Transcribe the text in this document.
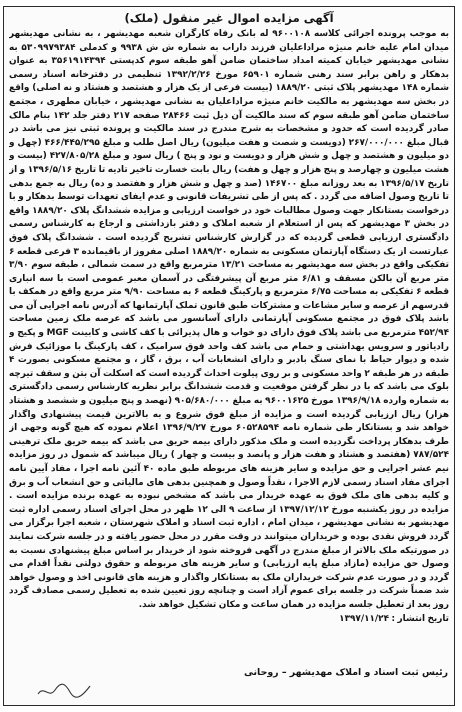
آگهی مزایده اموال غیر منقول (ملک)

به موجب پرونده اجرائی کلاسه ۹۶۰۰۱۰۸ له بانک رفاه کارگران شعبه مهدیشهر ، به نشانی مهدیشهر میدان امام علیه خانم منیژه مراداعلیان فرزند داراب به شماره ش ش ۹۹۳۸ و کدملی ۵۳۰۹۹۷۹۳۸۴ به نشانی مهدیشهر خیابان کمیته امداد ساختمان ضامن آهو طبقه سوم کدپستی ۳۵۶۱۹۱۴۳۹۴ به عنوان بدهکار و راهن برابر سند رهنی شماره ۶۵۹۰۱ مورخ ۱۳۹۲/۲/۲۶ تنظیمی در دفترخانه اسناد رسمی شماره ۱۴۸ مهدیشهر پلاک ثبتی ۱۸۸۹/۲۰ (بیست فرعی از یک هزار و هشتصد و هشتاد و نه اصلی) واقع در بخش سه مهدیشهر به مالکیت خانم منیژه مراداعلیان به نشانی مهدیشهر ، خیابان مطهری ، مجتمع ساختمان ضامن آهو طبقه سوم که سند مالکیت آن ذیل ثبت ۲۸۴۶۶ صفحه ۲۱۷ دفتر جلد ۱۴۲ بنام مالک صادر گردیده است که حدود و مشخصات به شرح مندرج در سند مالکیت و پرونده ثبتی نیز می باشد در قبال مبلغ ۲۶۷/۰۰۰/۰۰۰ (دویست و شصت و هفت میلیون) ریال اصل طلب و مبلغ ۴۶۶/۴۴۵/۲۹۵ (چهل و دو میلیون و هشتصد و چهل و شش هزار و دویست و نود و پنج ) ریال سود و مبلغ ۴۲۷/۸۰۵/۲۸ (بیست و هشت میلیون و چهارصد و پنج هزار و چهل و هفت) ریال بابت خسارت تاخیر تادیه تا تاریخ ۱۳۹۶/۵/۱۶ و از تاریخ ۱۳۹۶/۵/۱۷ به بعد روزانه مبلغ ۱۴۶۷۰۰ (صد و چهل و شش هزار و هفتصد و ده) ریال به جمع بدهی تا تاریخ وصول اضافه می گردد . که پس از طی تشریفات قانونی و عدم ایفای تعهدات توسط بدهکار و با درخواست بستانکار جهت وصول مطالبات خود در خواست ارزیابی و مزایده ششدانگ پلاک ۱۸۸۹/۲۰ واقع در بخش ۳ مهدیشهر که پس از استعلام از شعبه املاک و دفتر بازداشتی و ارجاع به کارشناس رسمی دادگستری ارزیابی قطعی گردیده که در گزارش کارشناس تشریح گردیده است . ششدانگ پلاک فوق عبارتست از یک دستگاه آپارتمان مسکونی به شماره ۱۸۸۹/۲۰ اصلی مفروز از باقیمانده ۳ فرعی قطعه ۶ تفکیکی واقع در بخش سه مهدیشهر به مساحت ۱۳/۲۱ مترمربع واقع در سمت شمالی ، طبقه سوم ۳/۹۰ متر مربع آن بالکن مسقف و ۶/۸۱ متر مربع آن پیشرفتگی در آسمان معبر عمومی است با سه انباری قطعه ۶ تفکیکی به مساحت ۶/۷۵ مترمربع و پارکینگ قطعه ۶ به مساحت ۹/۹۰ متر مربع واقع در همکف با قدرسهم از عرصه و سایر مشاعات و مشترکات طبق قانون تملک آپارتمانها که آدرس نامه اجرایی آن می باشد پلاک فوق در مجتمع مسکونی آپارتمانی دارای آسانسور می باشد که عرصه ملک زمین مساحت ۴۵۲/۹۴ مترمربع می باشد پلاک فوق دارای دو خواب و هال پذیرائی با کف کاشی و کابینت MGF و پکیج و رادیاتور و سرویس بهداشتی و حمام می باشد کف واحد فوق سرامیک ، کف پارکینگ با موزائیک فرش شده و دیوار حیاط با نمای سنگ بادبر و دارای انشعابات آب ، برق ، گاز ، و مجتمع مسکونی بصورت ۴ طبقه در هر طبقه ۲ واحد مسکونی و بر روی پیلوت احداث گردیده است که اسکلت آن بتن و سقف تیرچه بلوک می باشد که با در نظر گرفتن موقعیت و قدمت ششدانگ برابر نظریه کارشناس رسمی دادگستری به شماره وارده ۱۳۹۶/۹/۱۸ مورخ ۹۶۰۰۱۶۲۵ به مبلغ ۹۰۵/۶۸۰/۰۰۰ (نهصد و پنج میلیون و ششصد و هشتاد هزار) ریال ارزیابی گردیده است و مزایده از مبلغ فوق شروع و به بالاترین قیمت پیشنهادی واگذار خواهد شد و بستانکار طی شماره نامه ۶۰۵۲۸۵۹۴ مورخ ۱۳۹۶/۹/۲۷ اعلام نموده که هیچ گونه وجهی از طرف بدهکار پرداخت نگردیده است و ملک مذکور دارای بیمه حریق می باشد که بیمه حریق ملک ترهینی ۷۸۷/۵۲۴ (هفتصد و هشتاد و هفت هزار و پانصد و بیست و چهار ) ریال میباشد که شمول در روز مزایده نیم عشر اجرایی و حق مزایده و سایر هزینه های مربوطه طبق ماده ۴۰ آئین نامه اجرا ، مفاد آیین نامه اجرای مفاد اسناد رسمی لازم الاجرا ، نقداً وصول و همچنین بدهی های مالیاتی و حق انشعاب آب و برق و کلیه بدهی های ملک فوق به عهده خریدار می باشد که مشخص نبوده به عهده برنده مزایده است . مزایده در روز یکشنبه مورخ ۱۳۹۷/۱۲/۱۲ از ساعت ۹ الی ۱۲ ظهر در محل اجرای اسناد رسمی اداره ثبت مهدیشهر به نشانی مهدیشهر ، میدان امام ، اداره ثبت اسناد و املاک شهرستان ، شعبه اجرا برگزار می گردد فروش نقدی بوده و خریداران میتوانند در وقت مقرر در محل حضور یافته و در جلسه شرکت نمایند در صورتیکه ملک بالاتر از مبلغ مندرج در آگهی فروخته شود از خریدار بر اساس مبلغ پیشنهادی نسبت به وصول حق مزایده (مازاد مبلغ پایه ارزیابی) و سایر هزینه های مربوطه و حقوق دولتی نقداً اقدام می گردد و در صورت عدم شرکت خریداران ملک به بستانکار واگذار و هزینه های قانونی اخذ و وصول خواهد شد ضمناً شرکت در جلسه برای عموم آزاد است و چنانچه روز تعیین شده به تعطیل رسمی مصادف گردد روز بعد از تعطیل جلسه مزایده در همان ساعت و مکان تشکیل خواهد شد.

تاریخ انتشار : ۱۳۹۷/۱۱/۲۴

رئیس ثبت اسناد و املاک مهدیشهر – روحانی
